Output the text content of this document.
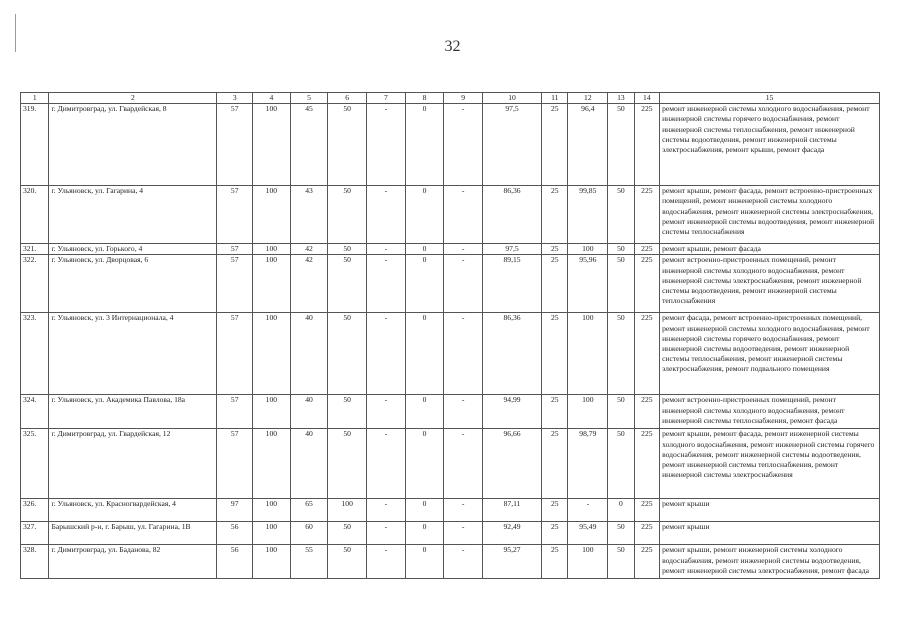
32
1	2	3	4	5	6	7	8	9	10	11	12	13	14	15
319.	г. Димитровград, ул. Гвардейская, 8	57	100	45	50	-	0	-	97,5	25	96,4	50	225	ремонт инженерной системы холодного водоснабжения, ремонт инженерной системы горячего водоснабжения, ремонт инженерной системы теплоснабжения, ремонт инженерной системы водоотведения, ремонт инженерной системы электроснабжения, ремонт крыши, ремонт фасада
320.	г. Ульяновск, ул. Гагарина, 4	57	100	43	50	-	0	-	86,36	25	99,85	50	225	ремонт крыши, ремонт фасада, ремонт встроенно-пристроенных помещений, ремонт инженерной системы холодного водоснабжения, ремонт инженерной системы электроснабжения, ремонт инженерной системы водоотведения, ремонт инженерной системы теплоснабжения
321.	г. Ульяновск, ул. Горького, 4	57	100	42	50	-	0	-	97,5	25	100	50	225	ремонт крыши, ремонт фасада
322.	г. Ульяновск, ул. Дворцовая, 6	57	100	42	50	-	0	-	89,15	25	95,96	50	225	ремонт встроенно-пристроенных помещений, ремонт инженерной системы холодного водоснабжения, ремонт инженерной системы электроснабжения, ремонт инженерной системы водоотведения, ремонт инженерной системы теплоснабжения
323.	г. Ульяновск, ул. 3 Интернационала, 4	57	100	40	50	-	0	-	86,36	25	100	50	225	ремонт фасада, ремонт встроенно-пристроенных помещений, ремонт инженерной системы холодного водоснабжения, ремонт инженерной системы горячего водоснабжения, ремонт инженерной системы водоотведения, ремонт инженерной системы теплоснабжения, ремонт инженерной системы электроснабжения, ремонт подвального помещения
324.	г. Ульяновск, ул. Академика Павлова, 18а	57	100	40	50	-	0	-	94,99	25	100	50	225	ремонт встроенно-пристроенных помещений, ремонт инженерной системы холодного водоснабжения, ремонт инженерной системы теплоснабжения, ремонт фасада
325.	г. Димитровград, ул. Гвардейская, 12	57	100	40	50	-	0	-	96,66	25	98,79	50	225	ремонт крыши, ремонт фасада, ремонт инженерной системы холодного водоснабжения, ремонт инженерной системы горячего водоснабжения, ремонт инженерной системы водоотведения, ремонт инженерной системы теплоснабжения, ремонт инженерной системы электроснабжения
326.	г. Ульяновск, ул. Красногвардейская, 4	97	100	65	100	-	0	-	87,11	25	-	0	225	ремонт крыши
327.	Барышский р-н, г. Барыш, ул. Гагарина, 1В	56	100	60	50	-	0	-	92,49	25	95,49	50	225	ремонт крыши
328.	г. Димитровград, ул. Баданова, 82	56	100	55	50	-	0	-	95,27	25	100	50	225	ремонт крыши, ремонт инженерной системы холодного водоснабжения, ремонт инженерной системы водоотведения, ремонт инженерной системы электроснабжения, ремонт фасада
